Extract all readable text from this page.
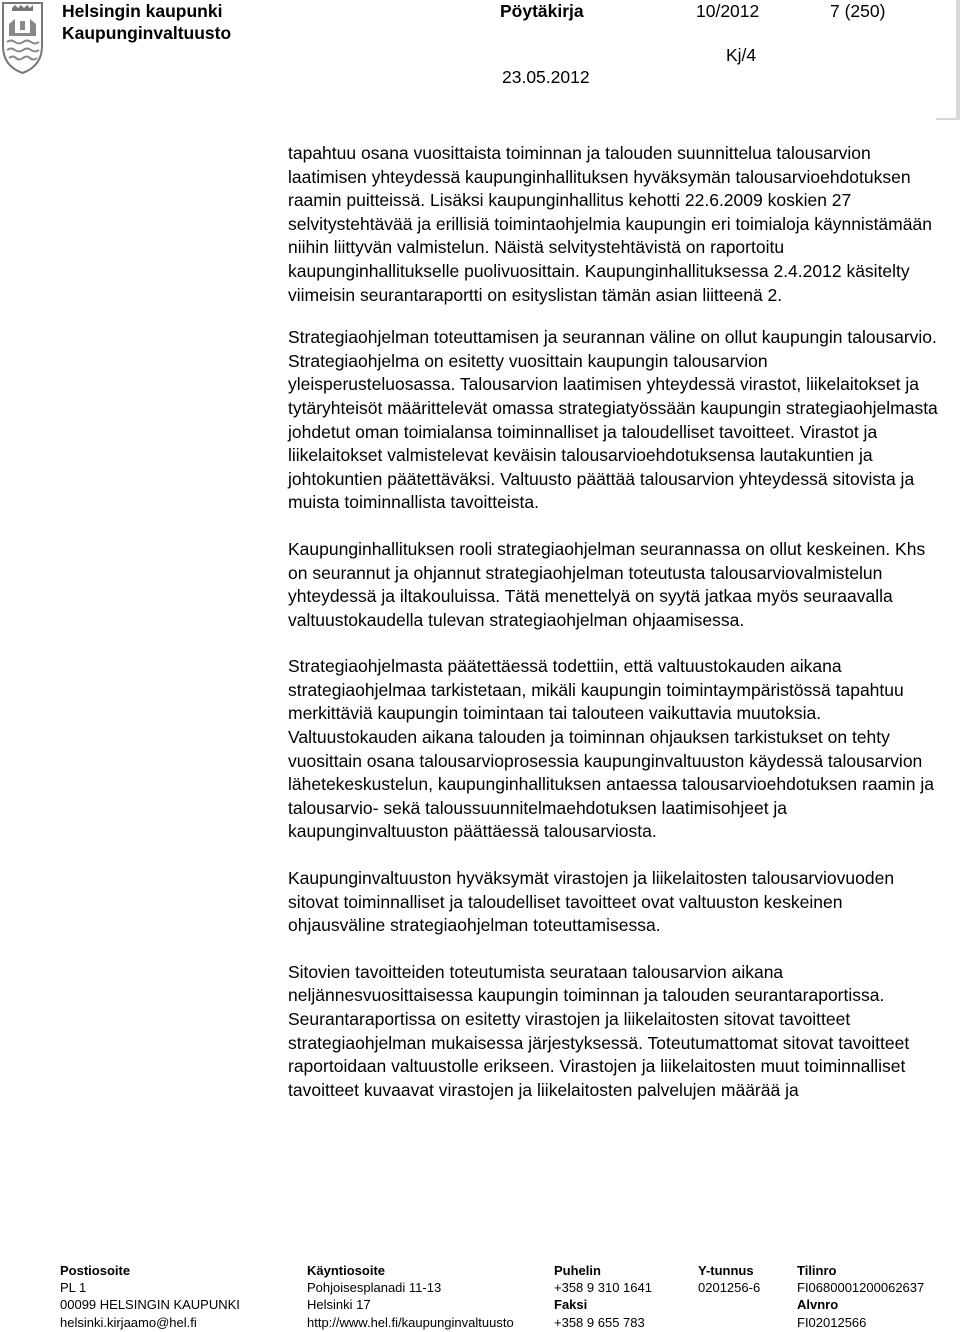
Helsingin kaupunki
Kaupunginvaltuusto
Pöytäkirja	10/2012	7 (250)
Kj/4
23.05.2012

tapahtuu osana vuosittaista toiminnan ja talouden suunnittelua talousarvion laatimisen yhteydessä kaupunginhallituksen hyväksymän talousarvioehdotuksen raamin puitteissä. Lisäksi kaupunginhallitus kehotti 22.6.2009 koskien 27 selvitystehtävää ja erillisiä toimintaohjelmia kaupungin eri toimialoja käynnistämään niihin liittyvän valmistelun. Näistä selvitystehtävistä on raportoitu kaupunginhallitukselle puolivuosittain. Kaupunginhallituksessa 2.4.2012 käsitelty viimeisin seurantaraportti on esityslistan tämän asian liitteenä 2.

Strategiaohjelman toteuttamisen ja seurannan väline on ollut kaupungin talousarvio. Strategiaohjelma on esitetty vuosittain kaupungin talousarvion yleisperusteluosassa. Talousarvion laatimisen yhteydessä virastot, liikelaitokset ja tytäryhteisöt määrittelevät omassa strategiatyössään kaupungin strategiaohjelmasta johdetut oman toimialansa toiminnalliset ja taloudelliset tavoitteet. Virastot ja liikelaitokset valmistelevat keväisin talousarvioehdotuksensa lautakuntien ja johtokuntien päätettäväksi. Valtuusto päättää talousarvion yhteydessä sitovista ja muista toiminnallista tavoitteista.

Kaupunginhallituksen rooli strategiaohjelman seurannassa on ollut keskeinen. Khs on seurannut ja ohjannut strategiaohjelman toteutusta talousarviovalmistelun yhteydessä ja iltakouluissa. Tätä menettelyä on syytä jatkaa myös seuraavalla valtuustokaudella tulevan strategiaohjelman ohjaamisessa.

Strategiaohjelmasta päätettäessä todettiin, että valtuustokauden aikana strategiaohjelmaa tarkistetaan, mikäli kaupungin toimintaympäristössä tapahtuu merkittäviä kaupungin toimintaan tai talouteen vaikuttavia muutoksia. Valtuustokauden aikana talouden ja toiminnan ohjauksen tarkistukset on tehty vuosittain osana talousarvioprosessia kaupunginvaltuuston käydessä talousarvion lähetekeskustelun, kaupunginhallituksen antaessa talousarvioehdotuksen raamin ja talousarvio- sekä taloussuunnitelmaehdotuksen laatimisohjeet ja kaupunginvaltuuston päättäessä talousarviosta.

Kaupunginvaltuuston hyväksymät virastojen ja liikelaitosten talousarviovuoden sitovat toiminnalliset ja taloudelliset tavoitteet ovat valtuuston keskeinen ohjausväline strategiaohjelman toteuttamisessa.

Sitovien tavoitteiden toteutumista seurataan talousarvion aikana neljännesvuosittaisessa kaupungin toiminnan ja talouden seurantaraportissa. Seurantaraportissa on esitetty virastojen ja liikelaitosten sitovat tavoitteet strategiaohjelman mukaisessa järjestyksessä. Toteutumattomat sitovat tavoitteet raportoidaan valtuustolle erikseen. Virastojen ja liikelaitosten muut toiminnalliset tavoitteet kuvaavat virastojen ja liikelaitosten palvelujen määrää ja

Postiosoite
PL 1
00099 HELSINGIN KAUPUNKI
helsinki.kirjaamo@hel.fi
Käyntiosoite
Pohjoisesplanadi 11-13
Helsinki 17
http://www.hel.fi/kaupunginvaltuusto
Puhelin
+358 9 310 1641
Faksi
+358 9 655 783
Y-tunnus
0201256-6
Tilinro
FI0680001200062637
Alvnro
FI02012566
